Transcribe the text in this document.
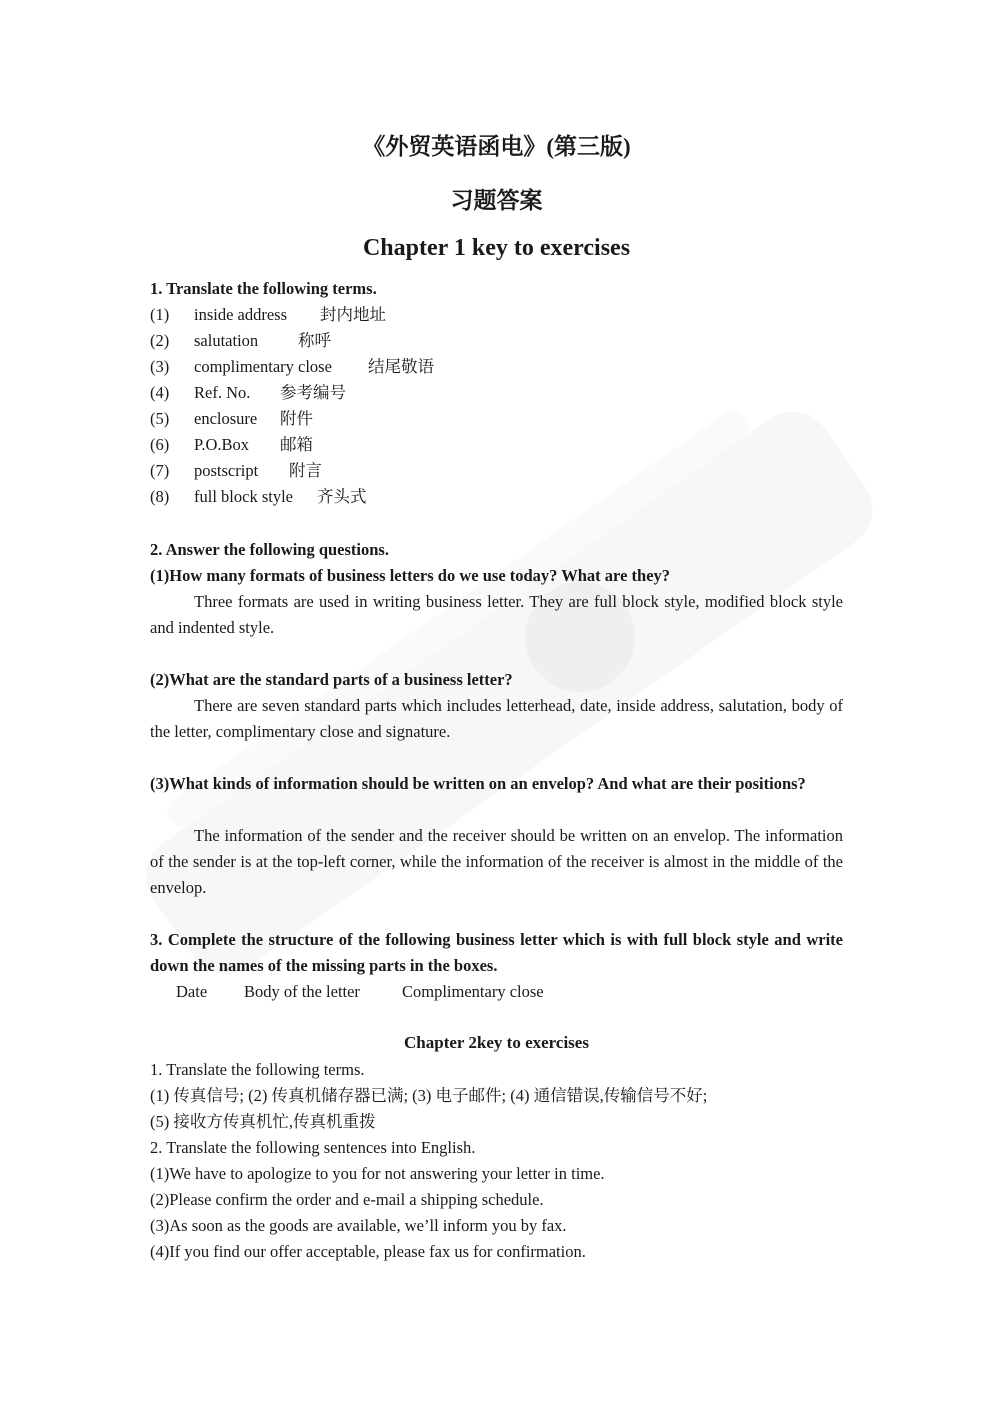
《外贸英语函电》(第三版)
习题答案
Chapter 1 key to exercises
1. Translate the following terms.
(1) inside address 封内地址
(2) salutation 称呼
(3) complimentary close 结尾敬语
(4) Ref. No. 参考编号
(5) enclosure 附件
(6) P.O.Box 邮箱
(7) postscript 附言
(8) full block style 齐头式
2. Answer the following questions.
(1)How many formats of business letters do we use today? What are they?
Three formats are used in writing business letter. They are full block style, modified block style and indented style.
(2)What are the standard parts of a business letter?
There are seven standard parts which includes letterhead, date, inside address, salutation, body of the letter, complimentary close and signature.
(3)What kinds of information should be written on an envelop? And what are their positions?
The information of the sender and the receiver should be written on an envelop. The information of the sender is at the top-left corner, while the information of the receiver is almost in the middle of the envelop.
3. Complete the structure of the following business letter which is with full block style and write down the names of the missing parts in the boxes.
Date Body of the letter	Complimentary close
Chapter 2key to exercises
1. Translate the following terms.
(1) 传真信号; (2) 传真机储存器已满; (3) 电子邮件; (4) 通信错误,传输信号不好;
(5) 接收方传真机忙,传真机重拨
2. Translate the following sentences into English.
(1)We have to apologize to you for not answering your letter in time.
(2)Please confirm the order and e-mail a shipping schedule.
(3)As soon as the goods are available, we’ll inform you by fax.
(4)If you find our offer acceptable, please fax us for confirmation.
